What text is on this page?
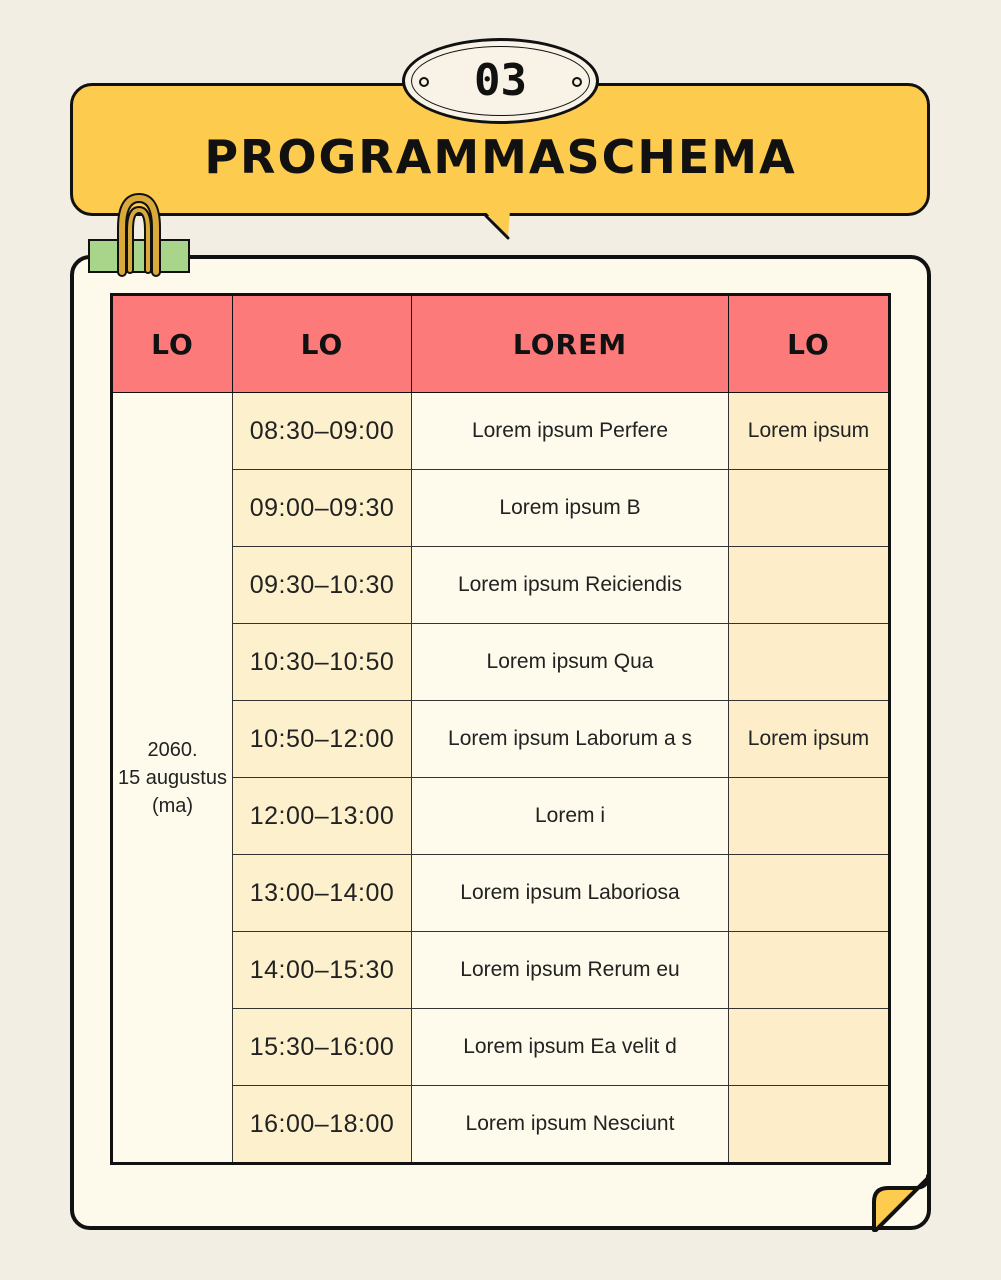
PROGRAMMASCHEMA
03
LO	LO	LOREM	LO

2060.
15 augustus
(ma)	08:30–09:00	Lorem ipsum Perfere	Lorem ipsum
	09:00–09:30	Lorem ipsum B	
	09:30–10:30	Lorem ipsum Reiciendis	
	10:30–10:50	Lorem ipsum Qua	
	10:50–12:00	Lorem ipsum Laborum a s	Lorem ipsum
	12:00–13:00	Lorem i	
	13:00–14:00	Lorem ipsum Laboriosa	
	14:00–15:30	Lorem ipsum Rerum eu	
	15:30–16:00	Lorem ipsum Ea velit d	
	16:00–18:00	Lorem ipsum Nesciunt	
